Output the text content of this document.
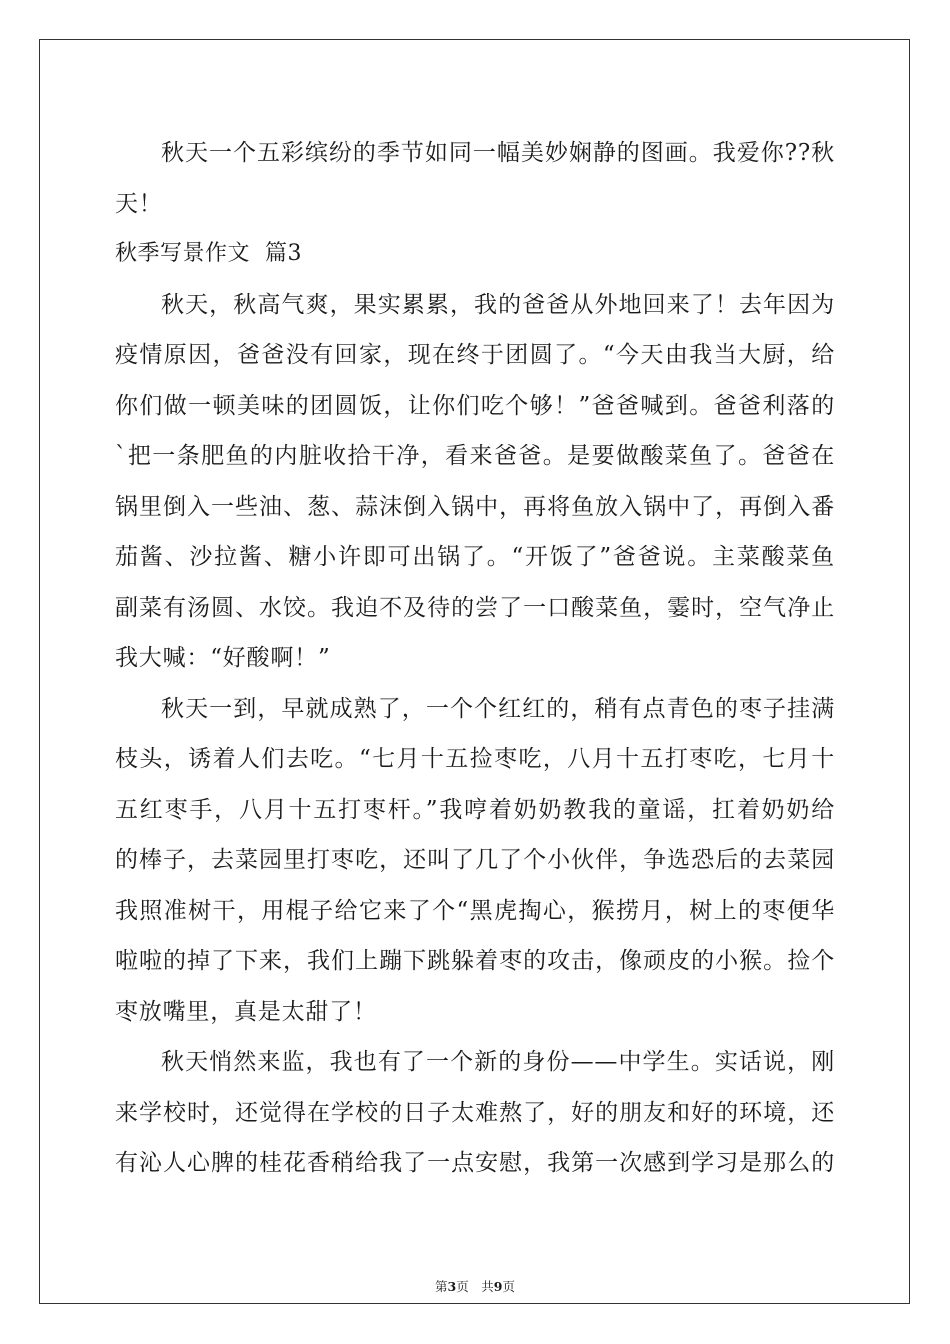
秋天一个五彩缤纷的季节如同一幅美妙娴静的图画。我爱你??秋
天！
秋季写景作文  篇3
秋天，秋高气爽，果实累累，我的爸爸从外地回来了！去年因为
疫情原因，爸爸没有回家，现在终于团圆了。“今天由我当大厨，给
你们做一顿美味的团圆饭，让你们吃个够！”爸爸喊到。爸爸利落的
`把一条肥鱼的内脏收拾干净，看来爸爸。是要做酸菜鱼了。爸爸在
锅里倒入一些油、葱、蒜沫倒入锅中，再将鱼放入锅中了，再倒入番
茄酱、沙拉酱、糖小许即可出锅了。“开饭了”爸爸说。主菜酸菜鱼
副菜有汤圆、水饺。我迫不及待的尝了一口酸菜鱼，霎时，空气净止
我大喊：“好酸啊！”
秋天一到，早就成熟了，一个个红红的，稍有点青色的枣子挂满
枝头，诱着人们去吃。“七月十五捡枣吃，八月十五打枣吃，七月十
五红枣手，八月十五打枣杆。”我哼着奶奶教我的童谣，扛着奶奶给
的棒子，去菜园里打枣吃，还叫了几了个小伙伴，争选恐后的去菜园
我照准树干，用棍子给它来了个“黑虎掏心，猴捞月，树上的枣便华
啦啦的掉了下来，我们上蹦下跳躲着枣的攻击，像顽皮的小猴。捡个
枣放嘴里，真是太甜了！
秋天悄然来监，我也有了一个新的身份——中学生。实话说，刚
来学校时，还觉得在学校的日子太难熬了，好的朋友和好的环境，还
有沁人心脾的桂花香稍给我了一点安慰，我第一次感到学习是那么的
第3页　共9页
